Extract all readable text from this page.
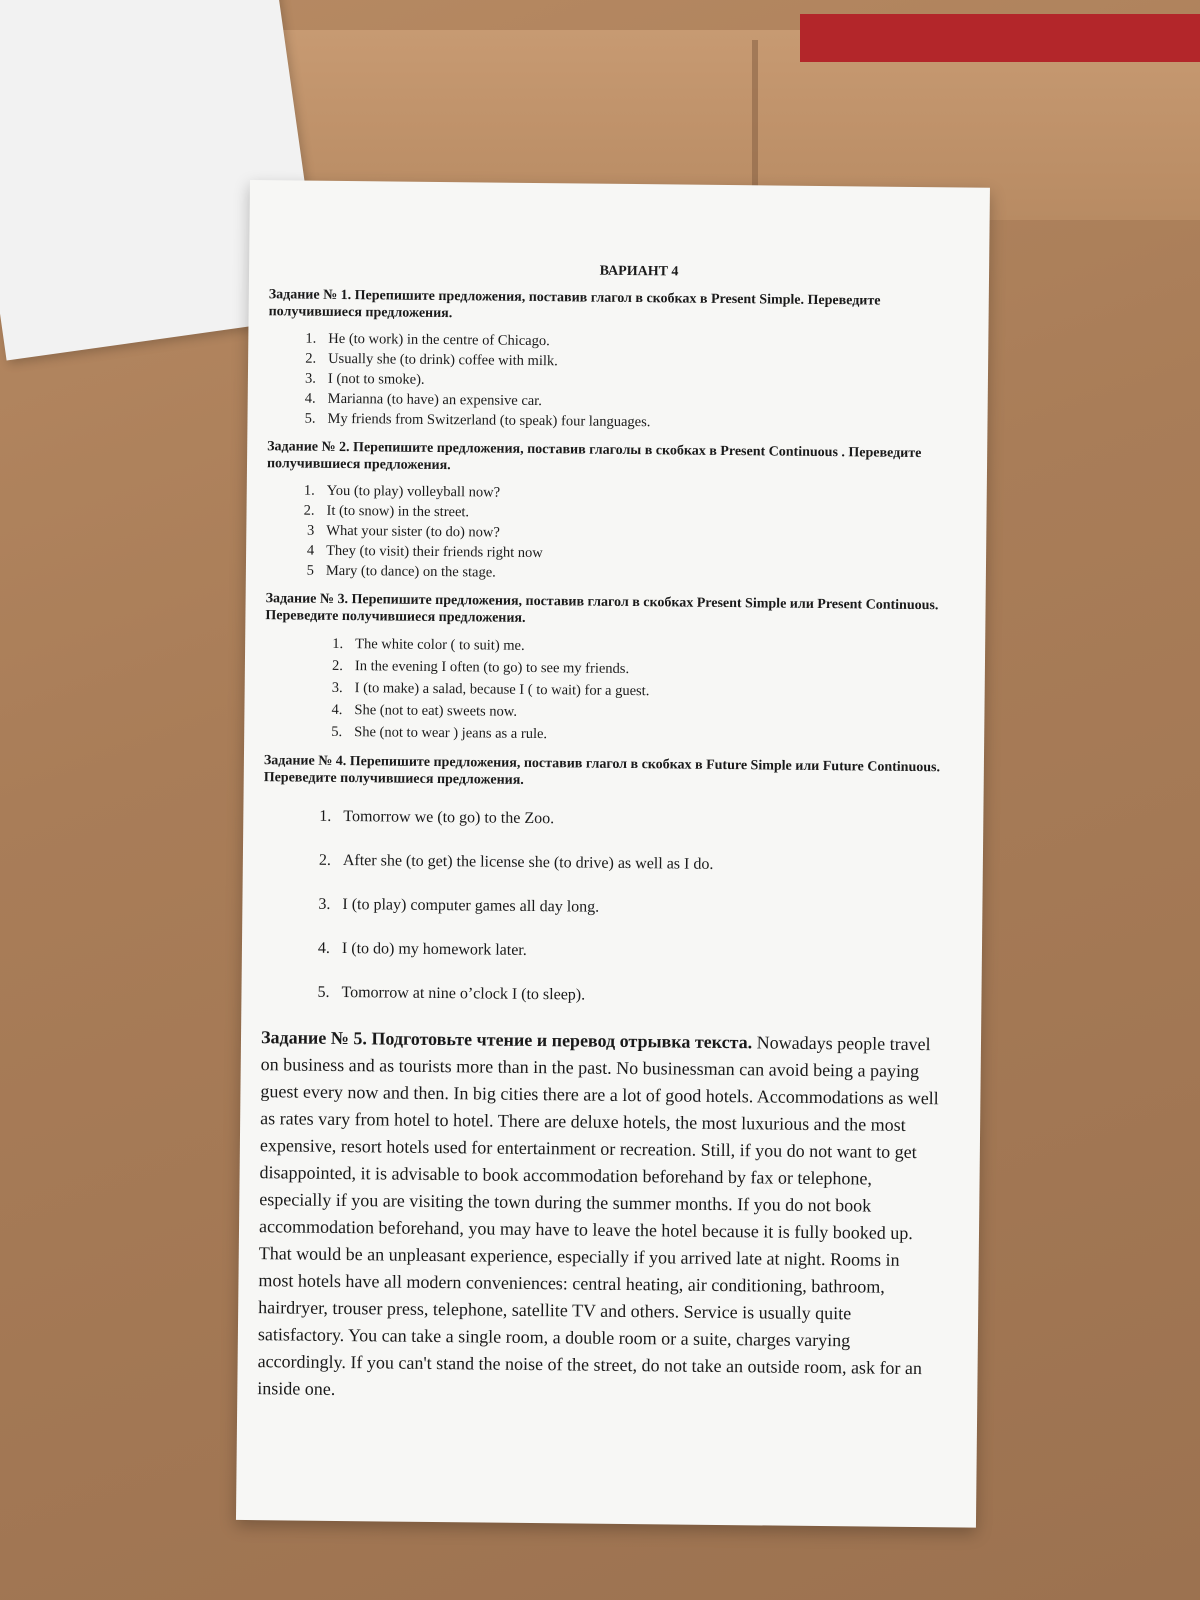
ВАРИАНТ 4
Задание № 1. Перепишите предложения, поставив глагол в скобках в Present Simple. Переведите получившиеся предложения.
1. He (to work) in the centre of Chicago.
2. Usually she (to drink) coffee with milk.
3. I (not to smoke).
4. Marianna (to have) an expensive car.
5. My friends from Switzerland (to speak) four languages.
Задание № 2. Перепишите предложения, поставив глаголы в скобках в Present Continuous . Переведите получившиеся предложения.
1. You (to play) volleyball now?
2. It (to snow) in the street.
3 What your sister (to do) now?
4 They (to visit) their friends right now
5 Mary (to dance) on the stage.
Задание № 3. Перепишите предложения, поставив глагол в скобках Present Simple или Present Continuous. Переведите получившиеся предложения.
1. The white color ( to suit) me.
2. In the evening I often (to go) to see my friends.
3. I (to make) a salad, because I ( to wait) for a guest.
4. She (not to eat) sweets now.
5. She (not to wear ) jeans as a rule.
Задание № 4. Перепишите предложения, поставив глагол в скобках в Future Simple или Future Continuous. Переведите получившиеся предложения.
1. Tomorrow we (to go) to the Zoo.
2. After she (to get) the license she (to drive) as well as I do.
3. I (to play) computer games all day long.
4. I (to do) my homework later.
5. Tomorrow at nine o’clock I (to sleep).
Задание № 5. Подготовьте чтение и перевод отрывка текста. Nowadays people travel on business and as tourists more than in the past. No businessman can avoid being a paying guest every now and then. In big cities there are a lot of good hotels. Accommodations as well as rates vary from hotel to hotel. There are deluxe hotels, the most luxurious and the most expensive, resort hotels used for entertainment or recreation. Still, if you do not want to get disappointed, it is advisable to book accommodation beforehand by fax or telephone, especially if you are visiting the town during the summer months. If you do not book accommodation beforehand, you may have to leave the hotel because it is fully booked up. That would be an unpleasant experience, especially if you arrived late at night. Rooms in most hotels have all modern conveniences: central heating, air conditioning, bathroom, hairdryer, trouser press, telephone, satellite TV and others. Service is usually quite satisfactory. You can take a single room, a double room or a suite, charges varying accordingly. If you can't stand the noise of the street, do not take an outside room, ask for an inside one.
